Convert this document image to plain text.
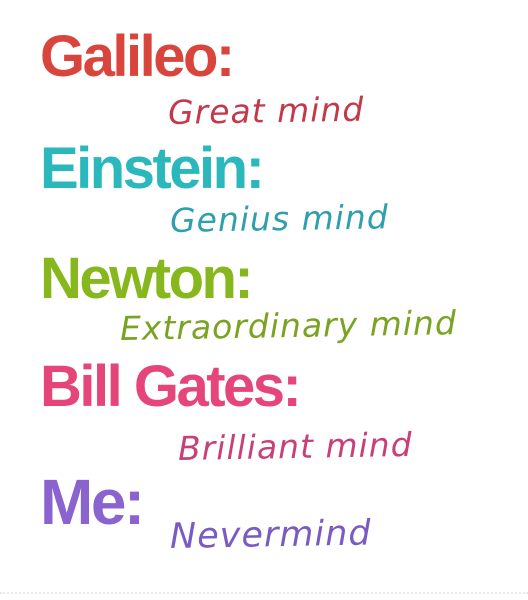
Galileo:
Great mind
Einstein:
Genius mind
Newton:
Extraordinary mind
Bill Gates:
Brilliant mind
Me: Nevermind
